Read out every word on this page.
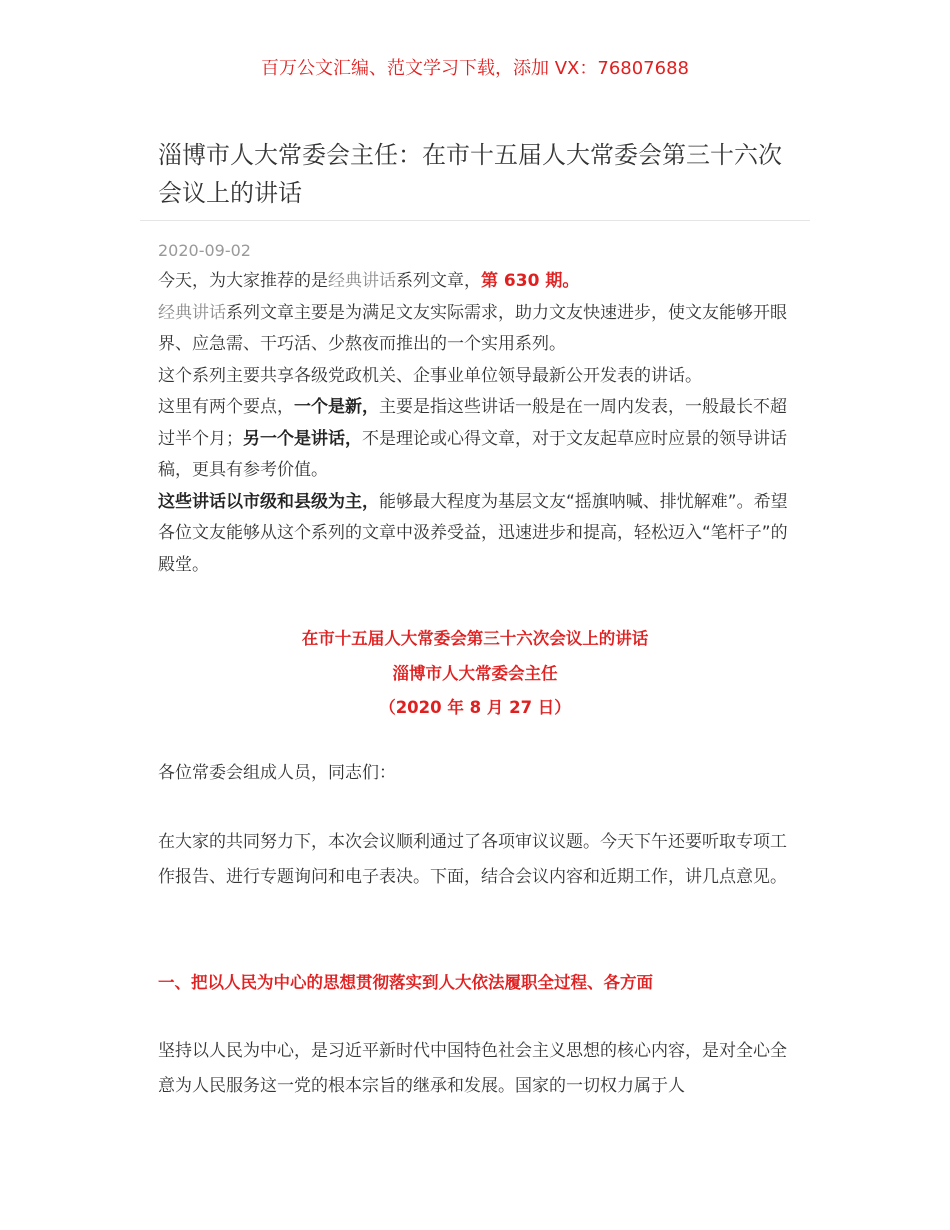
百万公文汇编、范文学习下载，添加 VX：76807688
淄博市人大常委会主任：在市十五届人大常委会第三十六次会议上的讲话
2020-09-02

今天，为大家推荐的是经典讲话系列文章，第 630 期。

经典讲话系列文章主要是为满足文友实际需求，助力文友快速进步，使文友能够开眼界、应急需、干巧活、少熬夜而推出的一个实用系列。

这个系列主要共享各级党政机关、企事业单位领导最新公开发表的讲话。

这里有两个要点，一个是新，主要是指这些讲话一般是在一周内发表，一般最长不超过半个月；另一个是讲话，不是理论或心得文章，对于文友起草应时应景的领导讲话稿，更具有参考价值。

这些讲话以市级和县级为主，能够最大程度为基层文友“摇旗呐喊、排忧解难”。希望各位文友能够从这个系列的文章中汲养受益，迅速进步和提高，轻松迈入“笔杆子”的殿堂。

在市十五届人大常委会第三十六次会议上的讲话
淄博市人大常委会主任
（2020 年 8 月 27 日）

各位常委会组成人员，同志们：

在大家的共同努力下，本次会议顺利通过了各项审议议题。今天下午还要听取专项工作报告、进行专题询问和电子表决。下面，结合会议内容和近期工作，讲几点意见。

一、把以人民为中心的思想贯彻落实到人大依法履职全过程、各方面

坚持以人民为中心，是习近平新时代中国特色社会主义思想的核心内容，是对全心全意为人民服务这一党的根本宗旨的继承和发展。国家的一切权力属于人
